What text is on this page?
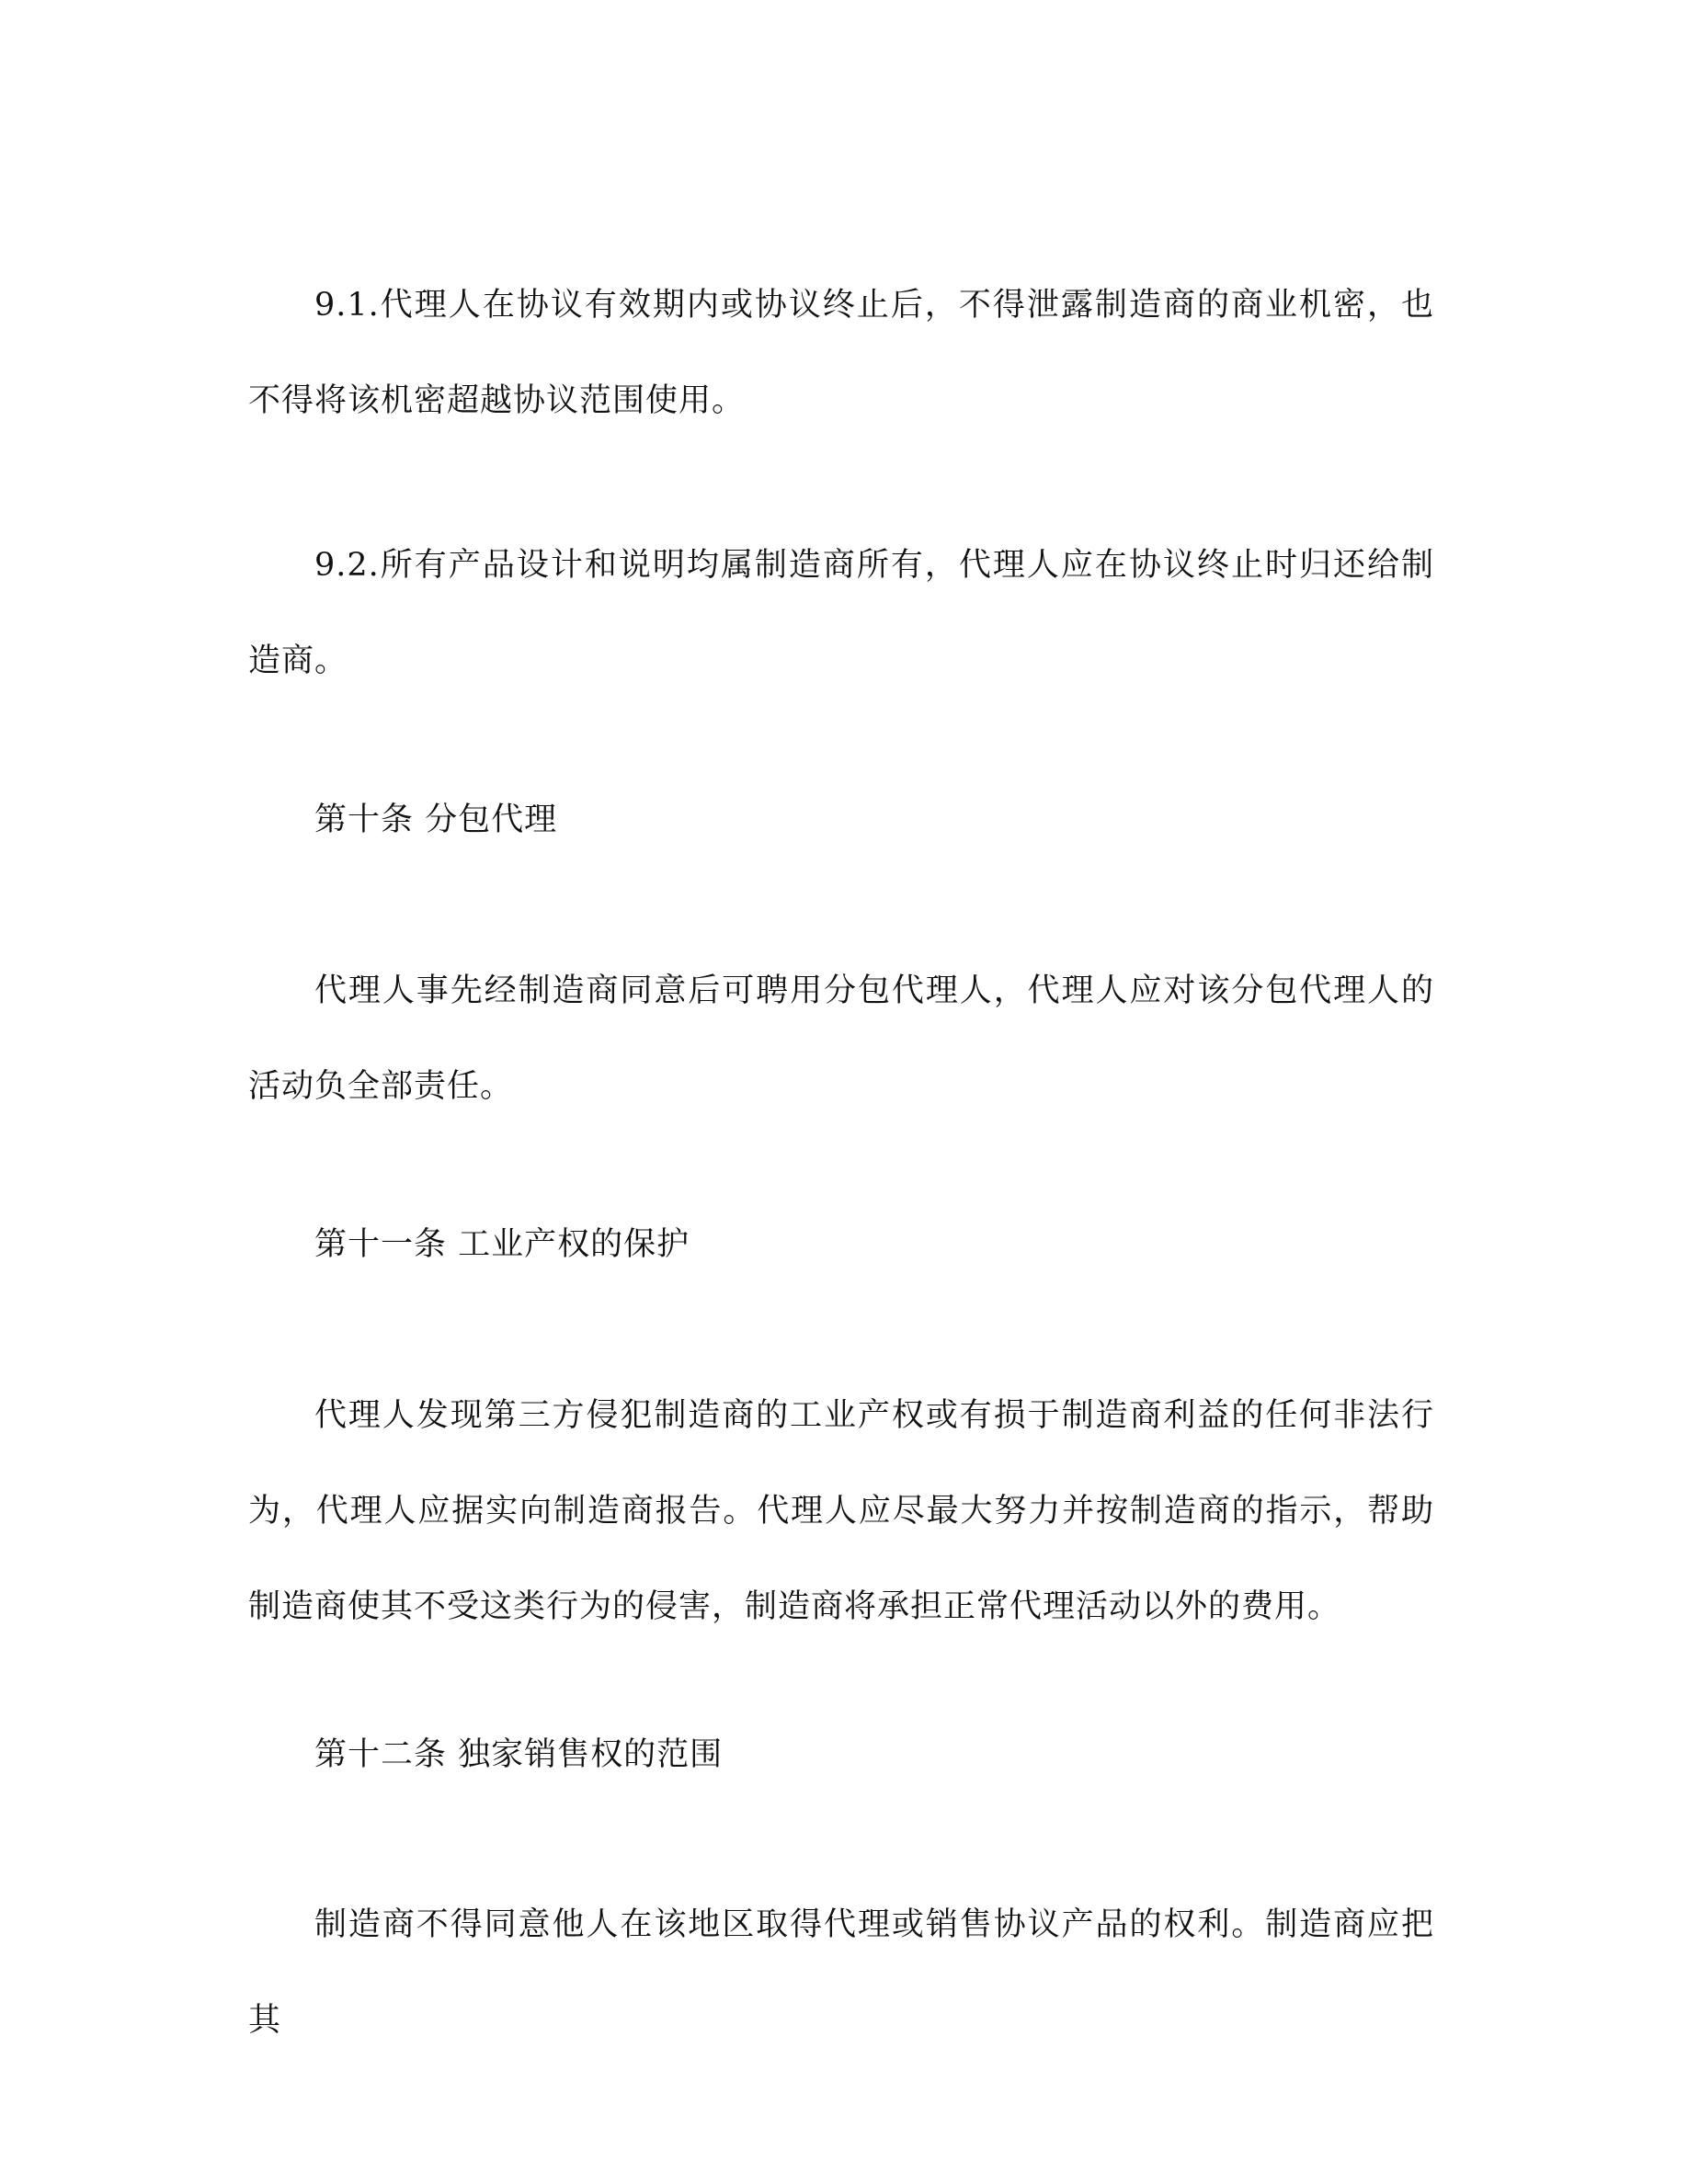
9.1.代理人在协议有效期内或协议终止后，不得泄露制造商的商业机密，也不得将该机密超越协议范围使用。

9.2.所有产品设计和说明均属制造商所有，代理人应在协议终止时归还给制造商。

第十条 分包代理

代理人事先经制造商同意后可聘用分包代理人，代理人应对该分包代理人的活动负全部责任。

第十一条 工业产权的保护

代理人发现第三方侵犯制造商的工业产权或有损于制造商利益的任何非法行为，代理人应据实向制造商报告。代理人应尽最大努力并按制造商的指示，帮助制造商使其不受这类行为的侵害，制造商将承担正常代理活动以外的费用。

第十二条 独家销售权的范围

制造商不得同意他人在该地区取得代理或销售协议产品的权利。制造商应把其
